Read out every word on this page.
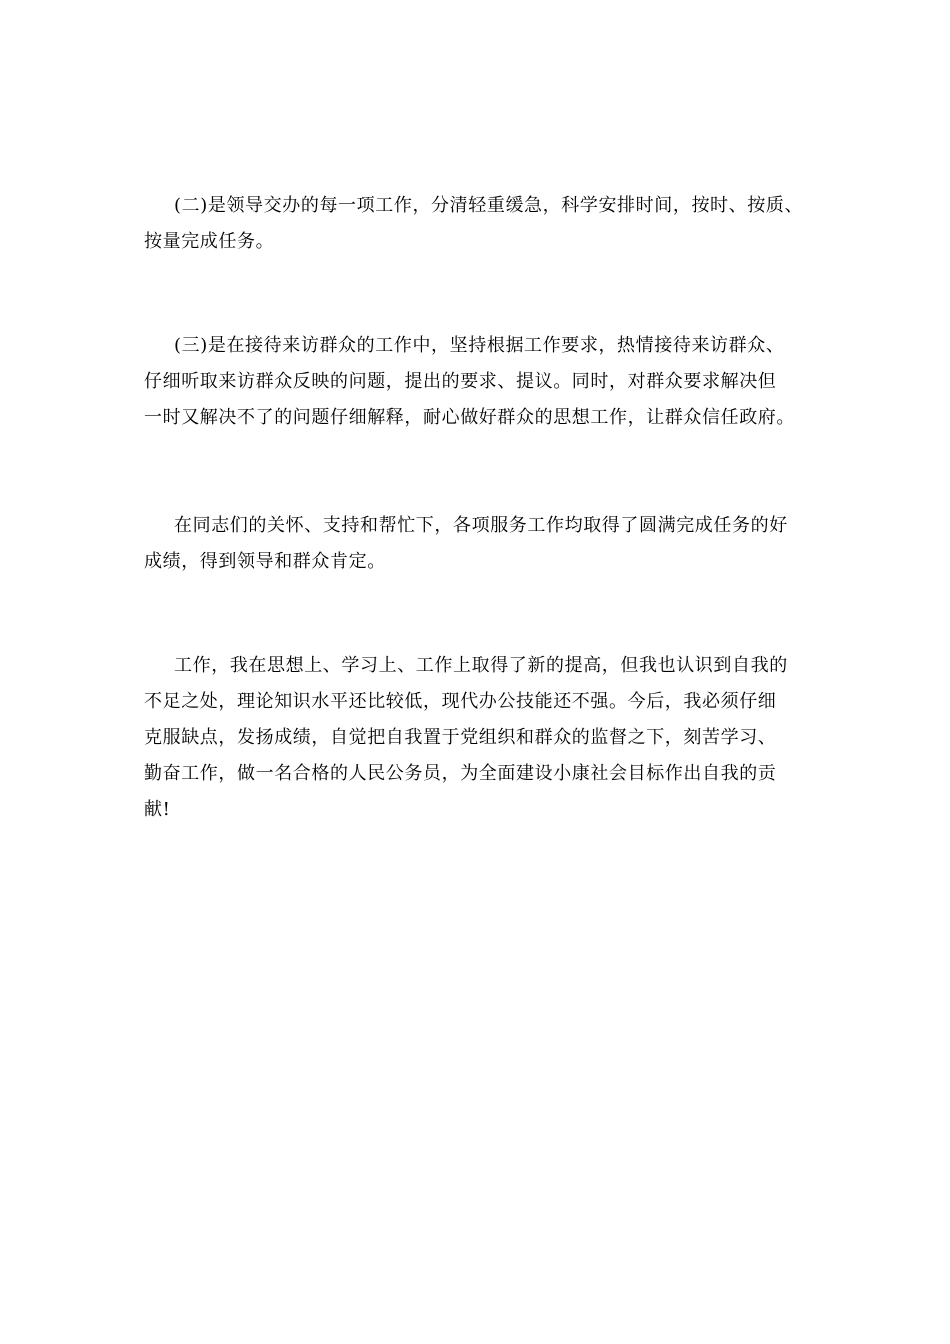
(二)是领导交办的每一项工作，分清轻重缓急，科学安排时间，按时、按质、
按量完成任务。
(三)是在接待来访群众的工作中，坚持根据工作要求，热情接待来访群众、
仔细听取来访群众反映的问题，提出的要求、提议。同时，对群众要求解决但
一时又解决不了的问题仔细解释，耐心做好群众的思想工作，让群众信任政府。
在同志们的关怀、支持和帮忙下，各项服务工作均取得了圆满完成任务的好
成绩，得到领导和群众肯定。
工作，我在思想上、学习上、工作上取得了新的提高，但我也认识到自我的
不足之处，理论知识水平还比较低，现代办公技能还不强。今后，我必须仔细
克服缺点，发扬成绩，自觉把自我置于党组织和群众的监督之下，刻苦学习、
勤奋工作，做一名合格的人民公务员，为全面建设小康社会目标作出自我的贡
献!
